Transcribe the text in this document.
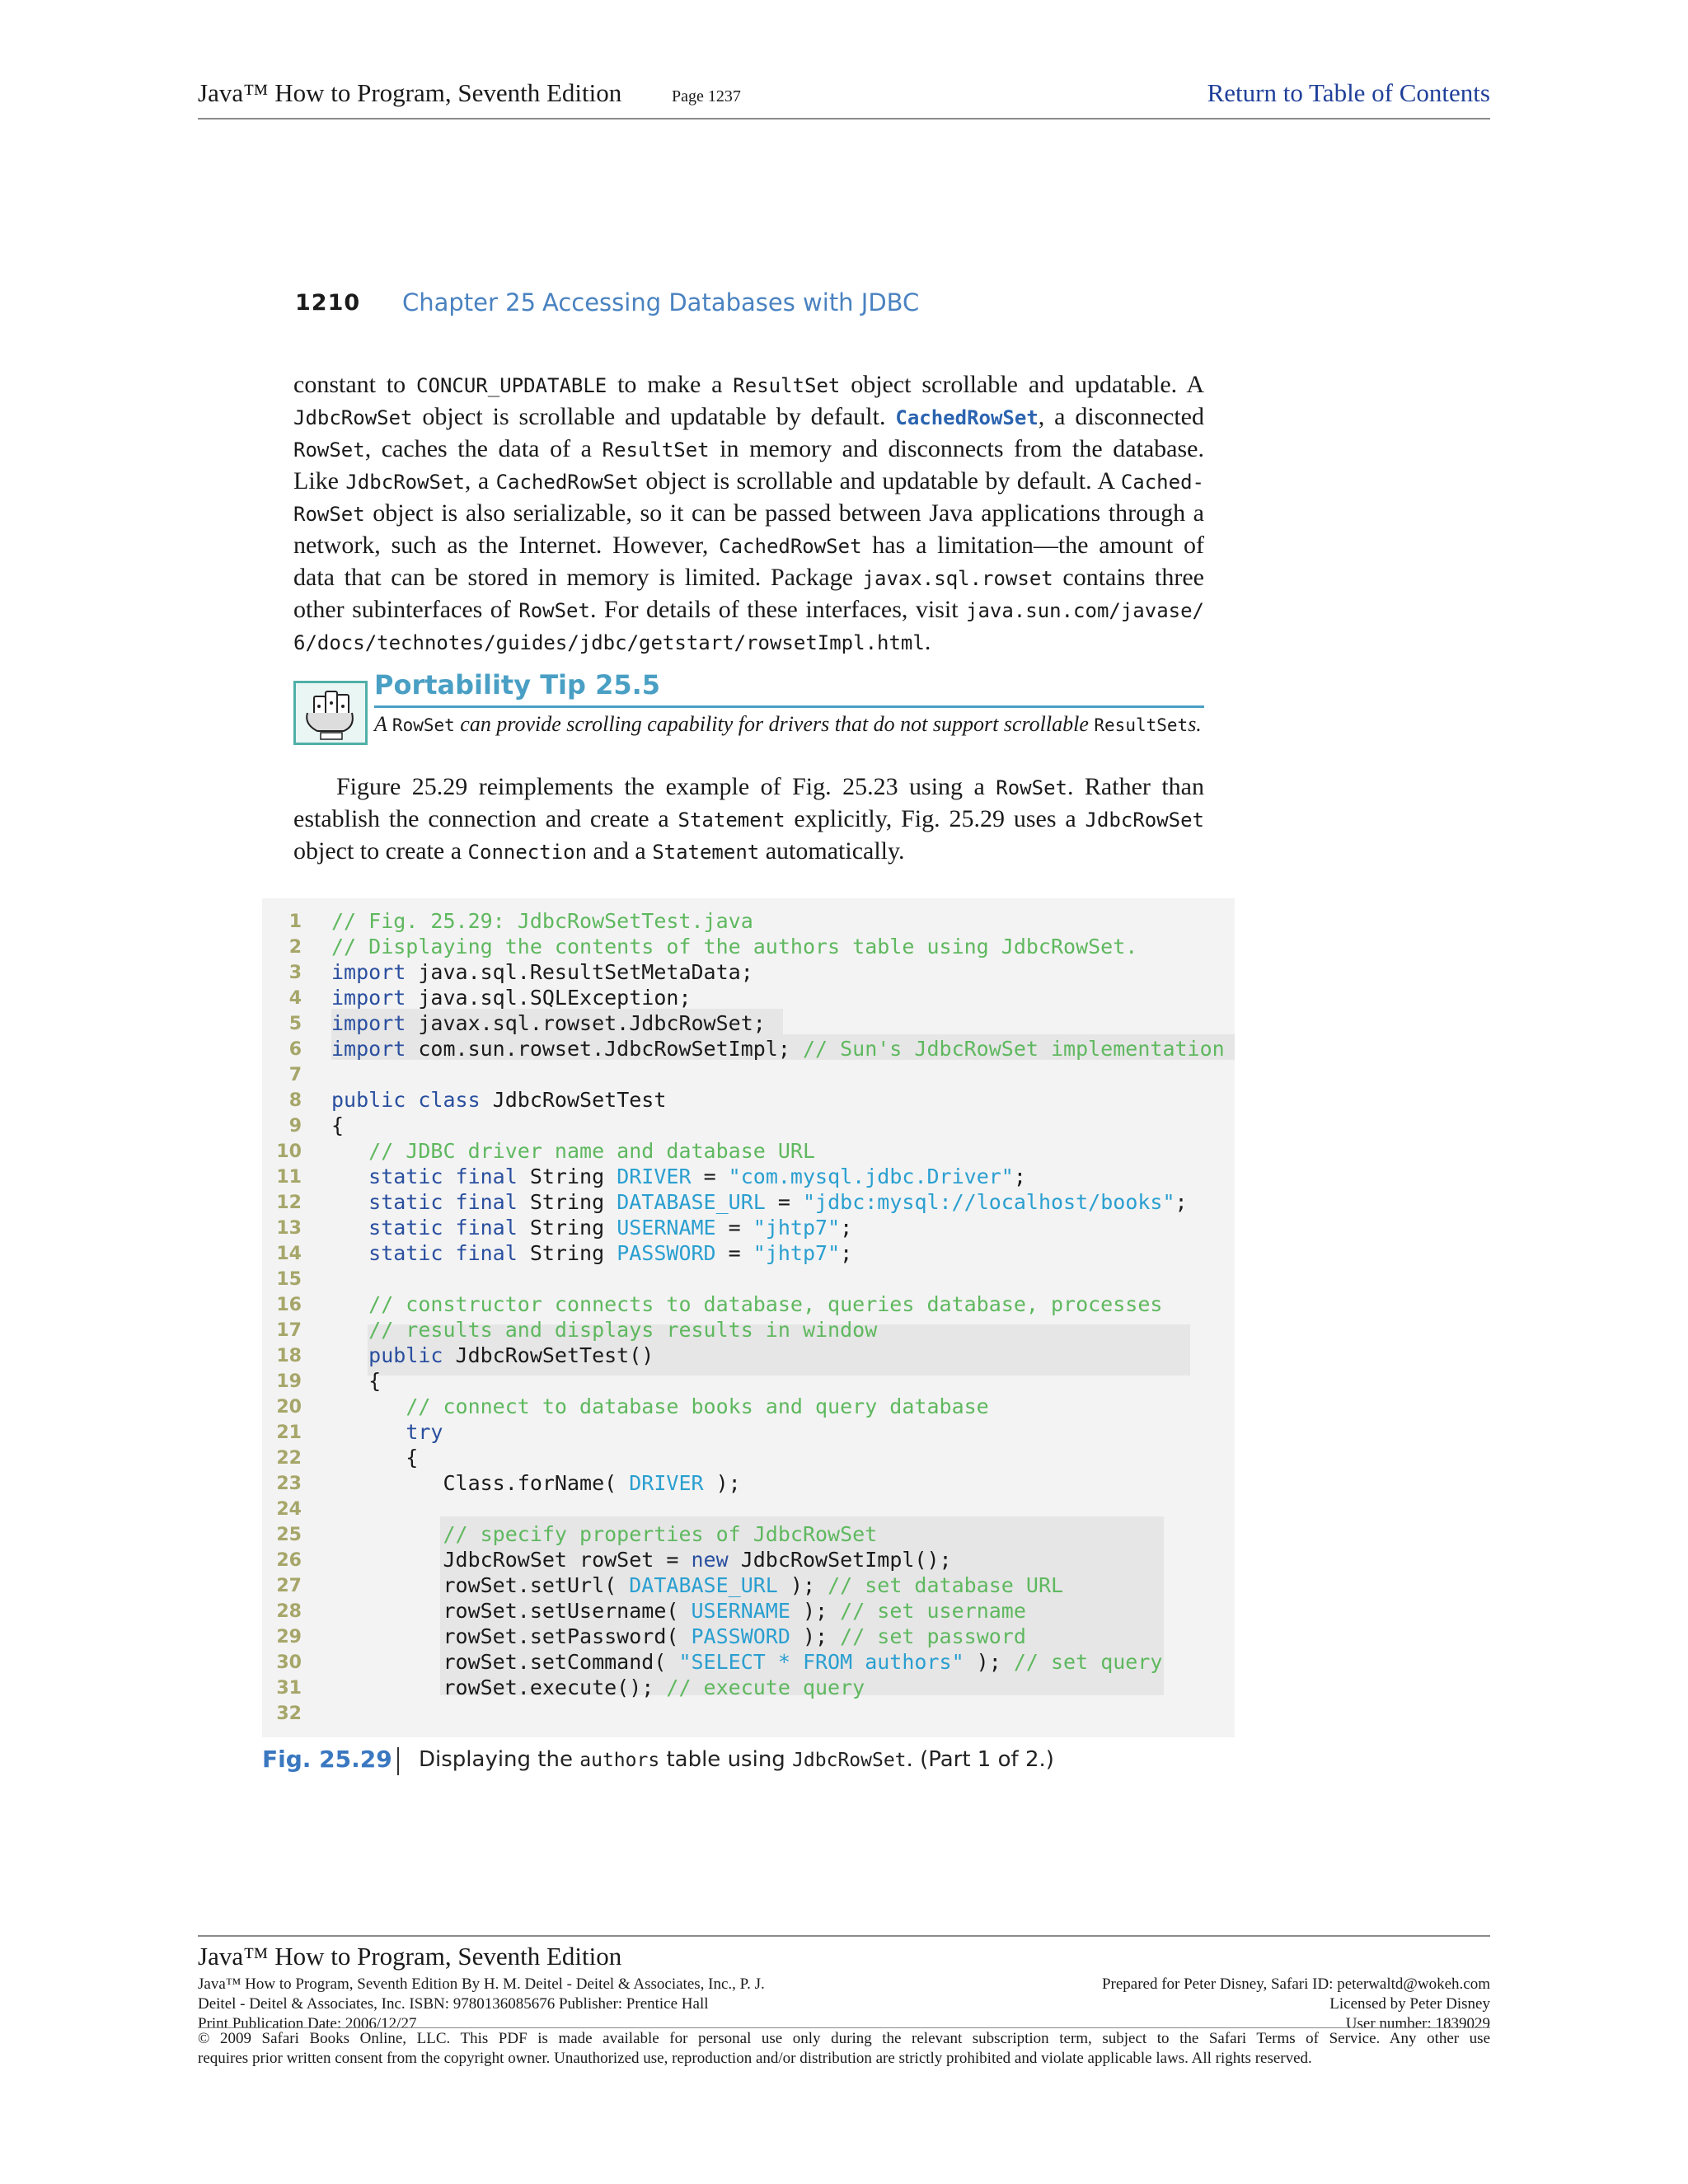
Java™ How to Program, Seventh Edition	Page 1237	Return to Table of Contents
1210 Chapter 25 Accessing Databases with JDBC
constant to CONCUR_UPDATABLE to make a ResultSet object scrollable and updatable. A
JdbcRowSet object is scrollable and updatable by default. CachedRowSet, a disconnected
RowSet, caches the data of a ResultSet in memory and disconnects from the database.
Like JdbcRowSet, a CachedRowSet object is scrollable and updatable by default. A Cached-
RowSet object is also serializable, so it can be passed between Java applications through a
network, such as the Internet. However, CachedRowSet has a limitation—the amount of
data that can be stored in memory is limited. Package javax.sql.rowset contains three
other subinterfaces of RowSet. For details of these interfaces, visit java.sun.com/javase/
6/docs/technotes/guides/jdbc/getstart/rowsetImpl.html.
Portability Tip 25.5
A RowSet can provide scrolling capability for drivers that do not support scrollable ResultSets.
Figure 25.29 reimplements the example of Fig. 25.23 using a RowSet. Rather than
establish the connection and create a Statement explicitly, Fig. 25.29 uses a JdbcRowSet
object to create a Connection and a Statement automatically.
1 // Fig. 25.29: JdbcRowSetTest.java
2 // Displaying the contents of the authors table using JdbcRowSet.
3 import java.sql.ResultSetMetaData;
4 import java.sql.SQLException;
5 import javax.sql.rowset.JdbcRowSet;
6 import com.sun.rowset.JdbcRowSetImpl; // Sun's JdbcRowSet implementation
7
8 public class JdbcRowSetTest
9 {
10	// JDBC driver name and database URL
11	static final String DRIVER = "com.mysql.jdbc.Driver";
12	static final String DATABASE_URL = "jdbc:mysql://localhost/books";
13	static final String USERNAME = "jhtp7";
14	static final String PASSWORD = "jhtp7";
15
16	// constructor connects to database, queries database, processes
17	// results and displays results in window
18	public JdbcRowSetTest()
19 {
20	// connect to database books and query database
21	try
22 {
23 Class.forName( DRIVER );
24
25	// specify properties of JdbcRowSet
26 JdbcRowSet rowSet = new JdbcRowSetImpl();
27 rowSet.setUrl( DATABASE_URL ); // set database URL
28 rowSet.setUsername( USERNAME ); // set username
29 rowSet.setPassword( PASSWORD ); // set password
30 rowSet.setCommand( "SELECT * FROM authors" ); // set query
31 rowSet.execute(); // execute query
32
Fig. 25.29 Displaying the authors table using JdbcRowSet. (Part 1 of 2.)
Java™ How to Program, Seventh Edition
Java™ How to Program, Seventh Edition By H. M. Deitel - Deitel & Associates, Inc., P. J.
Deitel - Deitel & Associates, Inc. ISBN: 9780136085676 Publisher: Prentice Hall
Print Publication Date: 2006/12/27
Prepared for Peter Disney, Safari ID: peterwaltd@wokeh.com
Licensed by Peter Disney
User number: 1839029
© 2009 Safari Books Online, LLC. This PDF is made available for personal use only during the relevant subscription term, subject to the Safari Terms of Service. Any other use
requires prior written consent from the copyright owner. Unauthorized use, reproduction and/or distribution are strictly prohibited and violate applicable laws. All rights reserved.
